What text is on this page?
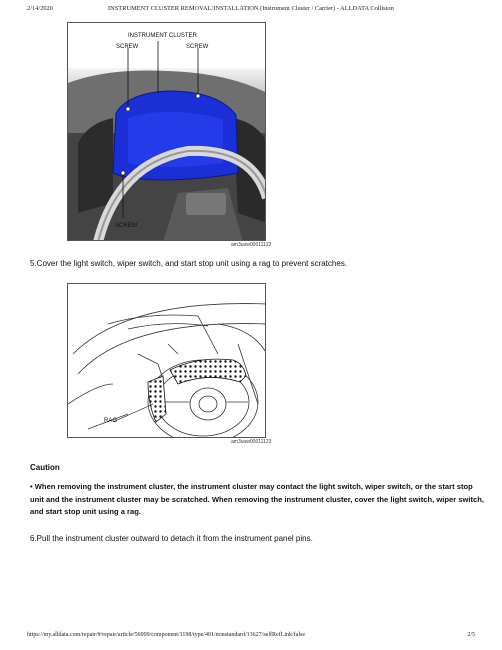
2/14/2020	INSTRUMENT CLUSTER REMOVAL/INSTALLATION (Instrument Cluster / Carrier) - ALLDATA Collision
INSTRUMENT CLUSTER
SCREW	SCREW
SCREW
am3uuw00011122
5.Cover the light switch, wiper switch, and start stop unit using a rag to prevent scratches.
RAG
am3uuw00011123
Caution
• When removing the instrument cluster, the instrument cluster may contact the light switch, wiper switch, or the start stop unit and the instrument cluster may be scratched. When removing the instrument cluster, cover the light switch, wiper switch, and start stop unit using a rag.
6.Pull the instrument cluster outward to detach it from the instrument panel pins.
https://my.alldata.com/repair/#/repair/article/56999/component/1198/type/401/nonstandard/13627/selfRefLink/false	2/5
